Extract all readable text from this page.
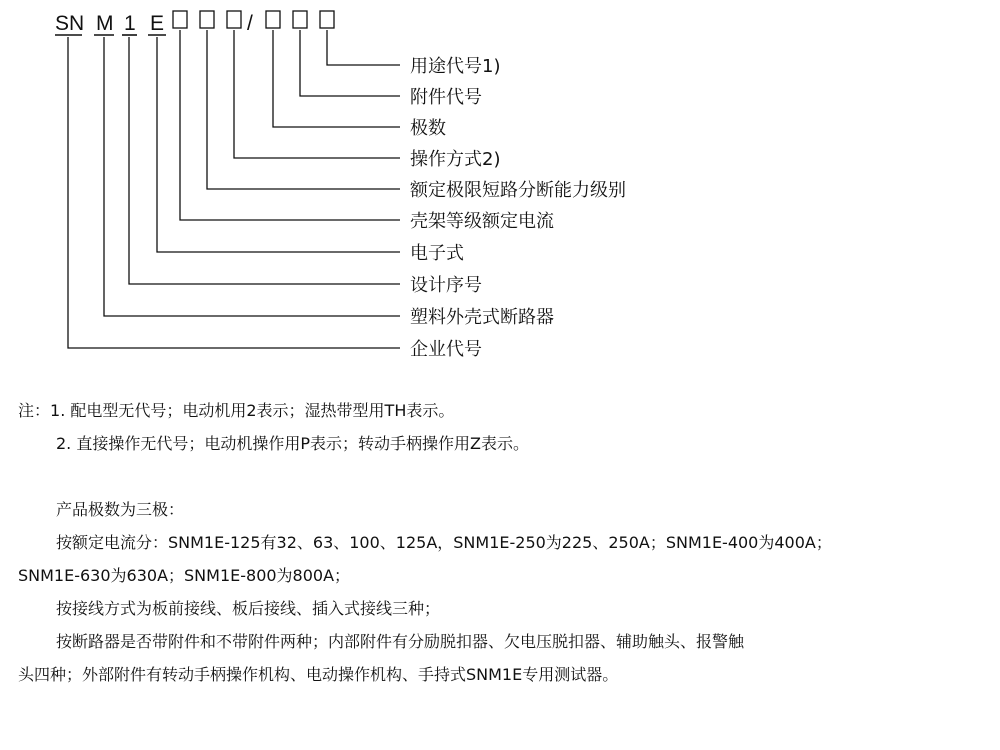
SN M 1 E	/
用途代号1)
附件代号
极数
操作方式2)
额定极限短路分断能力级别
壳架等级额定电流
电子式
设计序号
塑料外壳式断路器
企业代号
注：1. 配电型无代号；电动机用2表示；湿热带型用TH表示。
2. 直接操作无代号；电动机操作用P表示；转动手柄操作用Z表示。
产品极数为三极：
按额定电流分：SNM1E-125有32、63、100、125A，SNM1E-250为225、250A；SNM1E-400为400A；
SNM1E-630为630A；SNM1E-800为800A；
按接线方式为板前接线、板后接线、插入式接线三种；
按断路器是否带附件和不带附件两种；内部附件有分励脱扣器、欠电压脱扣器、辅助触头、报警触
头四种；外部附件有转动手柄操作机构、电动操作机构、手持式SNM1E专用测试器。
